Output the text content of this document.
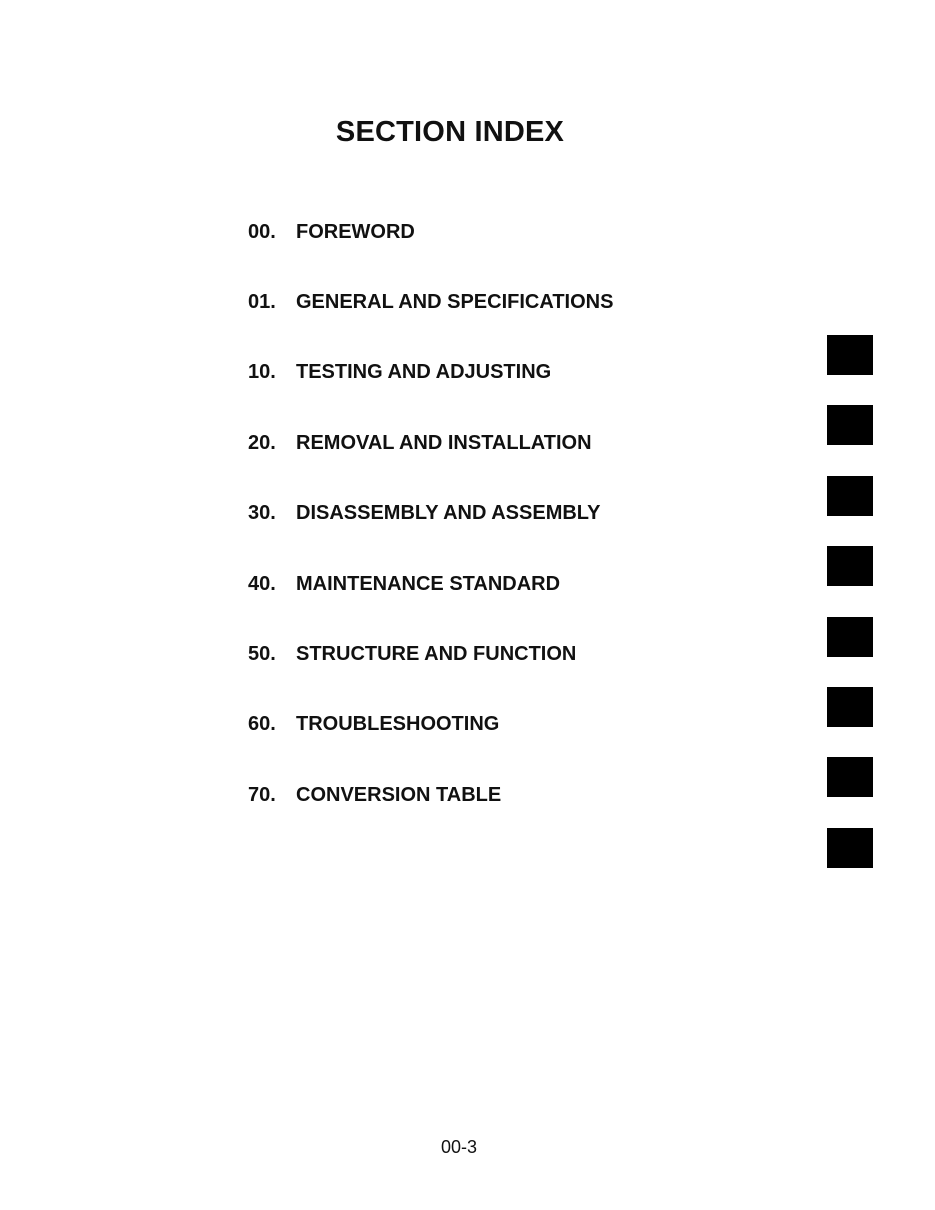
SECTION INDEX
00.	FOREWORD
01.	GENERAL AND SPECIFICATIONS
10.	TESTING AND ADJUSTING
20.	REMOVAL AND INSTALLATION
30.	DISASSEMBLY AND ASSEMBLY
40.	MAINTENANCE STANDARD
50.	STRUCTURE AND FUNCTION
60.	TROUBLESHOOTING
70.	CONVERSION TABLE
00-3
